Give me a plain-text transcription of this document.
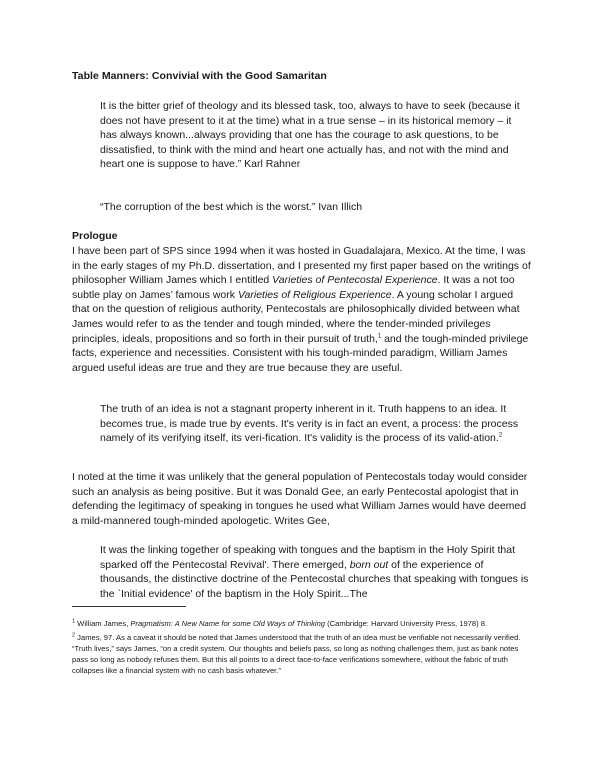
Table Manners: Convivial with the Good Samaritan
It is the bitter grief of theology and its blessed task, too, always to have to seek (because it does not have present to it at the time) what in a true sense – in its historical memory – it has always known...always providing that one has the courage to ask questions, to be dissatisfied, to think with the mind and heart one actually has, and not with the mind and heart one is suppose to have.” Karl Rahner
“The corruption of the best which is the worst.” Ivan Illich
Prologue

I have been part of SPS since 1994 when it was hosted in Guadalajara, Mexico. At the time, I was in the early stages of my Ph.D. dissertation, and I presented my first paper based on the writings of philosopher William James which I entitled Varieties of Pentecostal Experience. It was a not too subtle play on James’ famous work Varieties of Religious Experience. A young scholar I argued that on the question of religious authority, Pentecostals are philosophically divided between what James would refer to as the tender and tough minded, where the tender-minded privileges principles, ideals, propositions and so forth in their pursuit of truth,$^1$ and the tough-minded privilege facts, experience and necessities. Consistent with his tough-minded paradigm, William James argued useful ideas are true and they are true because they are useful.

The truth of an idea is not a stagnant property inherent in it. Truth happens to an idea. It becomes true, is made true by events. It's verity is in fact an event, a process: the process namely of its verifying itself, its veri-fication. It's validity is the process of its valid-ation.$^2$

I noted at the time it was unlikely that the general population of Pentecostals today would consider such an analysis as being positive. But it was Donald Gee, an early Pentecostal apologist that in defending the legitimacy of speaking in tongues he used what William James would have deemed a mild-mannered tough-minded apologetic. Writes Gee,

It was the linking together of speaking with tongues and the baptism in the Holy Spirit that sparked off the Pentecostal Revival'. There emerged, born out of the experience of thousands, the distinctive doctrine of the Pentecostal churches that speaking with tongues is the `Initial evidence' of the baptism in the Holy Spirit...The

$^1$ William James, Pragmatism: A New Name for some Old Ways of Thinking (Cambridge: Harvard University Press, 1978) 8.

$^2$ James, 97. As a caveat it should be noted that James understood that the truth of an idea must be verifiable not necessarily verified. “Truth lives,” says James, “on a credit system. Our thoughts and beliefs pass, so long as nothing challenges them, just as bank notes pass so long as nobody refuses them. But this all points to a direct face-to-face verifications somewhere, without the fabric of truth collapses like a financial system with no cash basis whatever.”
